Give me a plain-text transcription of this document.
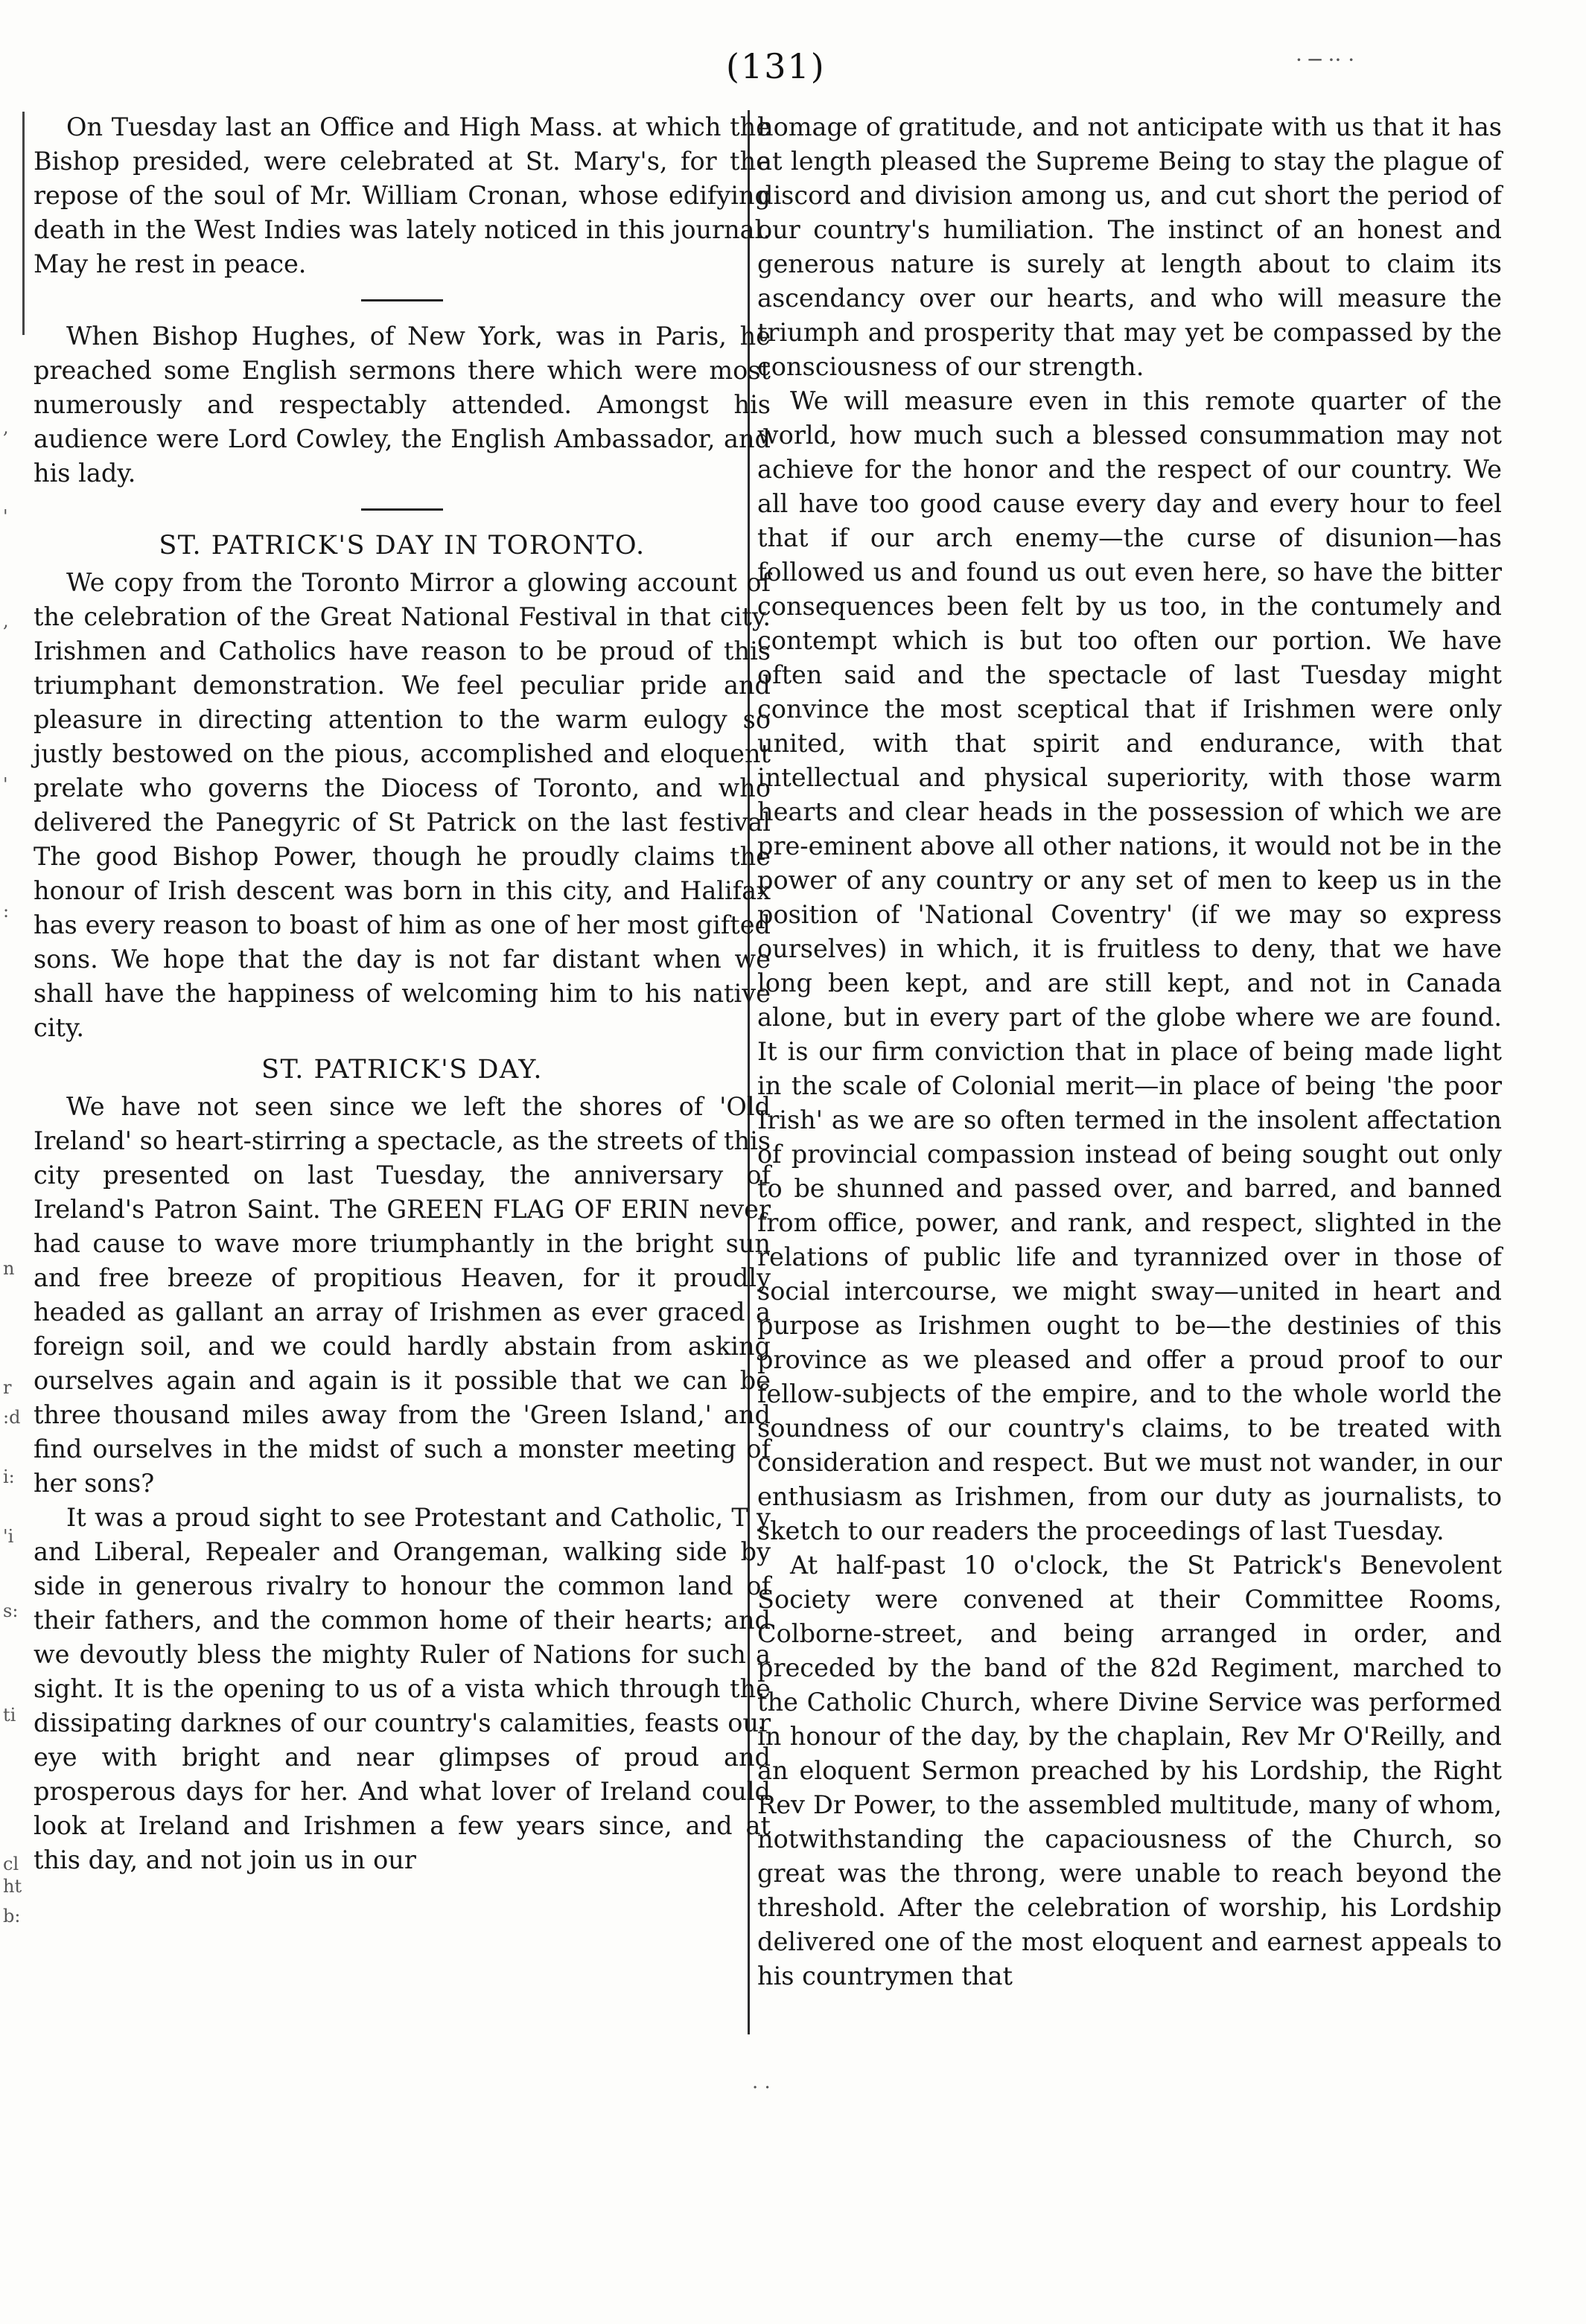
(131)	· ─ ·· ·
,
'
,
'
:
n
r
:d
i:
'i
s:
ti
cl
ht
b:

On Tuesday last an Office and High Mass. at which the Bishop presided, were celebrated at St. Mary's, for the repose of the soul of Mr. William Cronan, whose edifying death in the West Indies was lately noticed in this journal. May he rest in peace.

When Bishop Hughes, of New York, was in Paris, he preached some English sermons there which were most numerously and respectably attended. Amongst his audience were Lord Cowley, the English Ambassador, and his lady.

ST. PATRICK'S DAY IN TORONTO.

We copy from the Toronto Mirror a glowing account of the celebration of the Great National Festival in that city. Irishmen and Catholics have reason to be proud of this triumphant demonstration. We feel peculiar pride and pleasure in directing attention to the warm eulogy so justly bestowed on the pious, accomplished and eloquent prelate who governs the Diocess of Toronto, and who delivered the Panegyric of St Patrick on the last festival The good Bishop Power, though he proudly claims the honour of Irish descent was born in this city, and Halifax has every reason to boast of him as one of her most gifted sons. We hope that the day is not far distant when we shall have the happiness of welcoming him to his native city.

ST. PATRICK'S DAY.

We have not seen since we left the shores of 'Old Ireland' so heart-stirring a spectacle, as the streets of this city presented on last Tuesday, the anniversary of Ireland's Patron Saint. The GREEN FLAG OF ERIN never had cause to wave more triumphantly in the bright sun and free breeze of propitious Heaven, for it proudly headed as gallant an array of Irishmen as ever graced a foreign soil, and we could hardly abstain from asking ourselves again and again is it possible that we can be three thousand miles away from the 'Green Island,' and find ourselves in the midst of such a monster meeting of her sons?

It was a proud sight to see Protestant and Catholic, T y and Liberal, Repealer and Orangeman, walking side by side in generous rivalry to honour the common land of their fathers, and the common home of their hearts; and we devoutly bless the mighty Ruler of Nations for such a sight. It is the opening to us of a vista which through the dissipating darknes of our country's calamities, feasts our eye with bright and near glimpses of proud and prosperous days for her. And what lover of Ireland could look at Ireland and Irishmen a few years since, and at this day, and not join us in our

homage of gratitude, and not anticipate with us that it has at length pleased the Supreme Being to stay the plague of discord and division among us, and cut short the period of our country's humiliation. The instinct of an honest and generous nature is surely at length about to claim its ascendancy over our hearts, and who will measure the triumph and prosperity that may yet be compassed by the consciousness of our strength.

We will measure even in this remote quarter of the world, how much such a blessed consummation may not achieve for the honor and the respect of our country. We all have too good cause every day and every hour to feel that if our arch enemy—the curse of disunion—has followed us and found us out even here, so have the bitter consequences been felt by us too, in the contumely and contempt which is but too often our portion. We have often said and the spectacle of last Tuesday might convince the most sceptical that if Irishmen were only united, with that spirit and endurance, with that intellectual and physical superiority, with those warm hearts and clear heads in the possession of which we are pre-eminent above all other nations, it would not be in the power of any country or any set of men to keep us in the position of 'National Coventry' (if we may so express ourselves) in which, it is fruitless to deny, that we have long been kept, and are still kept, and not in Canada alone, but in every part of the globe where we are found. It is our firm conviction that in place of being made light in the scale of Colonial merit—in place of being 'the poor Irish' as we are so often termed in the insolent affectation of provincial compassion instead of being sought out only to be shunned and passed over, and barred, and banned from office, power, and rank, and respect, slighted in the relations of public life and tyrannized over in those of social intercourse, we might sway—united in heart and purpose as Irishmen ought to be—the destinies of this province as we pleased and offer a proud proof to our fellow-subjects of the empire, and to the whole world the soundness of our country's claims, to be treated with consideration and respect. But we must not wander, in our enthusiasm as Irishmen, from our duty as journalists, to sketch to our readers the proceedings of last Tuesday.

At half-past 10 o'clock, the St Patrick's Benevolent Society were convened at their Committee Rooms, Colborne-street, and being arranged in order, and preceded by the band of the 82d Regiment, marched to the Catholic Church, where Divine Service was performed in honour of the day, by the chaplain, Rev Mr O'Reilly, and an eloquent Sermon preached by his Lordship, the Right Rev Dr Power, to the assembled multitude, many of whom, notwithstanding the capaciousness of the Church, so great was the throng, were unable to reach beyond the threshold. After the celebration of worship, his Lordship delivered one of the most eloquent and earnest appeals to his countrymen that

· ·
